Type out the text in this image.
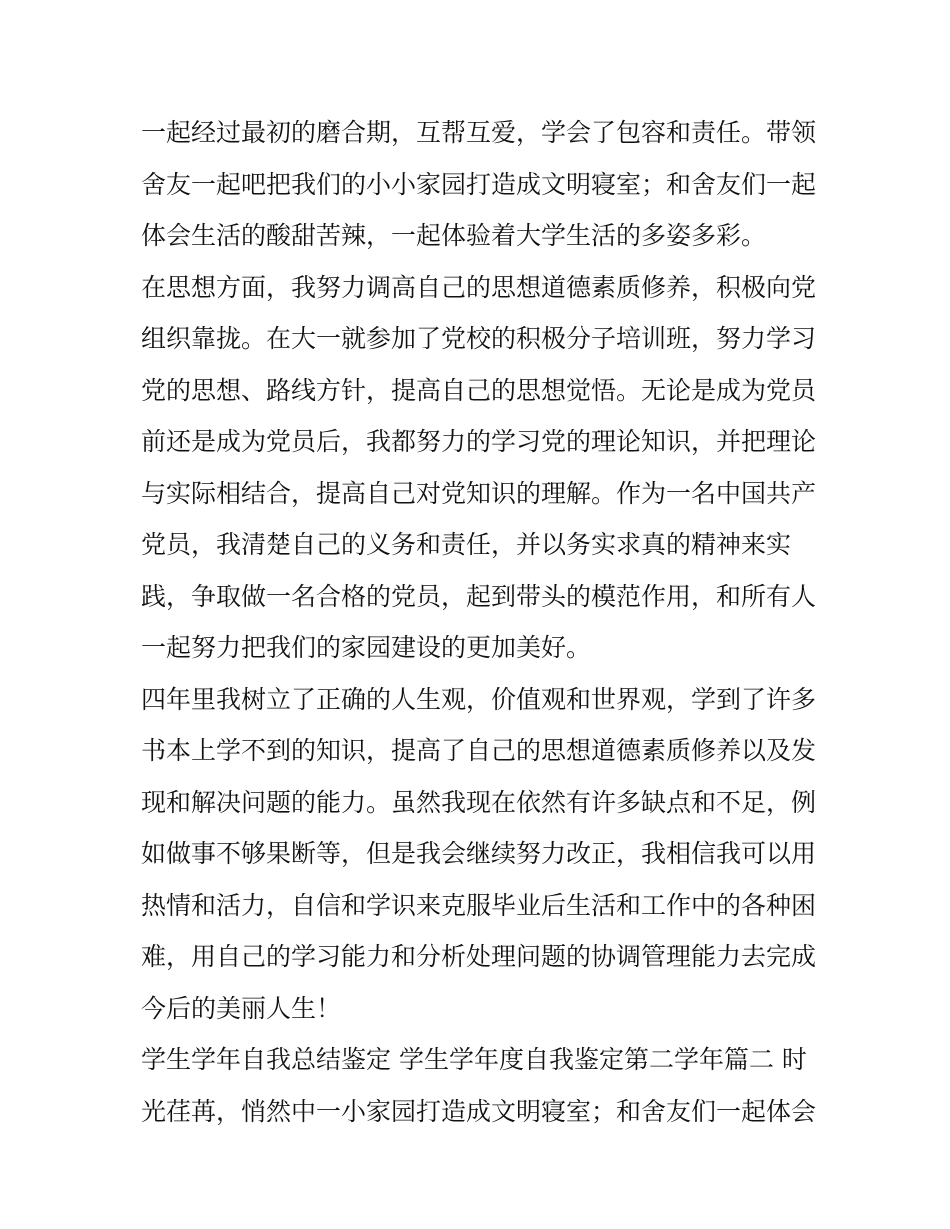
一起经过最初的磨合期，互帮互爱，学会了包容和责任。带领
舍友一起吧把我们的小小家园打造成文明寝室；和舍友们一起
体会生活的酸甜苦辣，一起体验着大学生活的多姿多彩。
在思想方面，我努力调高自己的思想道德素质修养，积极向党
组织靠拢。在大一就参加了党校的积极分子培训班，努力学习
党的思想、路线方针，提高自己的思想觉悟。无论是成为党员
前还是成为党员后，我都努力的学习党的理论知识，并把理论
与实际相结合，提高自己对党知识的理解。作为一名中国共产
党员，我清楚自己的义务和责任，并以务实求真的精神来实
践，争取做一名合格的党员，起到带头的模范作用，和所有人
一起努力把我们的家园建设的更加美好。
四年里我树立了正确的人生观，价值观和世界观，学到了许多
书本上学不到的知识，提高了自己的思想道德素质修养以及发
现和解决问题的能力。虽然我现在依然有许多缺点和不足，例
如做事不够果断等，但是我会继续努力改正，我相信我可以用
热情和活力，自信和学识来克服毕业后生活和工作中的各种困
难，用自己的学习能力和分析处理问题的协调管理能力去完成
今后的美丽人生！
学生学年自我总结鉴定 学生学年度自我鉴定第二学年篇二 时
光荏苒，悄然中一小家园打造成文明寝室；和舍友们一起体会
